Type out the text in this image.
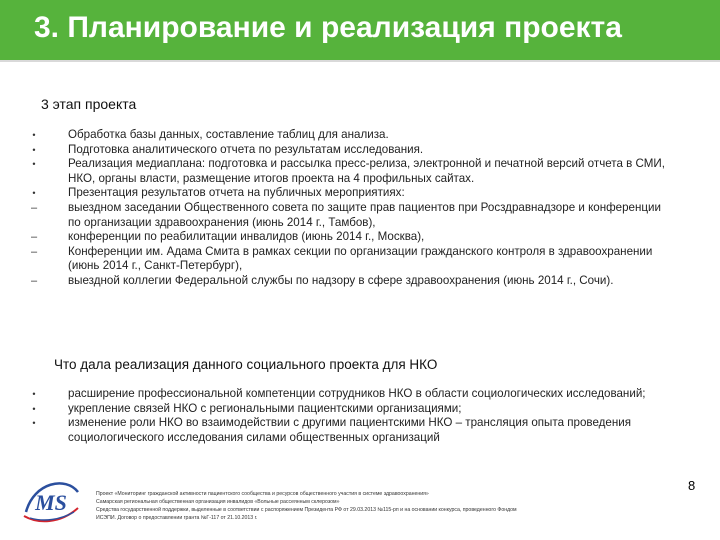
3. Планирование и реализация проекта
3 этап проекта
•	Обработка базы данных, составление таблиц для анализа.
•	Подготовка аналитического отчета по результатам исследования.
•	Реализация медиаплана: подготовка и рассылка пресс-релиза, электронной и печатной версий отчета в СМИ, НКО, органы власти, размещение итогов проекта на 4 профильных сайтах.
•	Презентация результатов отчета на публичных мероприятиях:
–	выездном заседании Общественного совета по защите прав пациентов при Росздравнадзоре и конференции по организации здравоохранения (июнь 2014 г., Тамбов),
–	конференции по реабилитации инвалидов (июнь 2014 г., Москва),
–	Конференции им. Адама Смита в рамках секции по организации гражданского контроля в здравоохранении (июнь 2014 г., Санкт-Петербург),
–	выездной коллегии Федеральной службы по надзору в сфере здравоохранения (июнь 2014 г., Сочи).
Что дала реализация данного социального проекта для НКО
•	расширение профессиональной компетенции сотрудников НКО в области социологических исследований;
•	укрепление связей НКО с региональными пациентскими организациями;
•	изменение роли НКО во взаимодействии с другими пациентскими НКО – трансляция опыта проведения социологического исследования силами общественных организаций
MS	Проект «Мониторинг гражданской активности пациентского сообщества и ресурсов общественного участия в системе здравоохранения»
Самарская региональная общественная организация инвалидов «Вольные рассеянным склерозом»
Средства государственной поддержки, выделенные в соответствии с распоряжением Президента РФ от 29.03.2013 №115-рп и на основании конкурса, проведенного Фондом
ИСЭПИ. Договор о предоставлении гранта №Г-117 от 21.10.2013 г.
8
